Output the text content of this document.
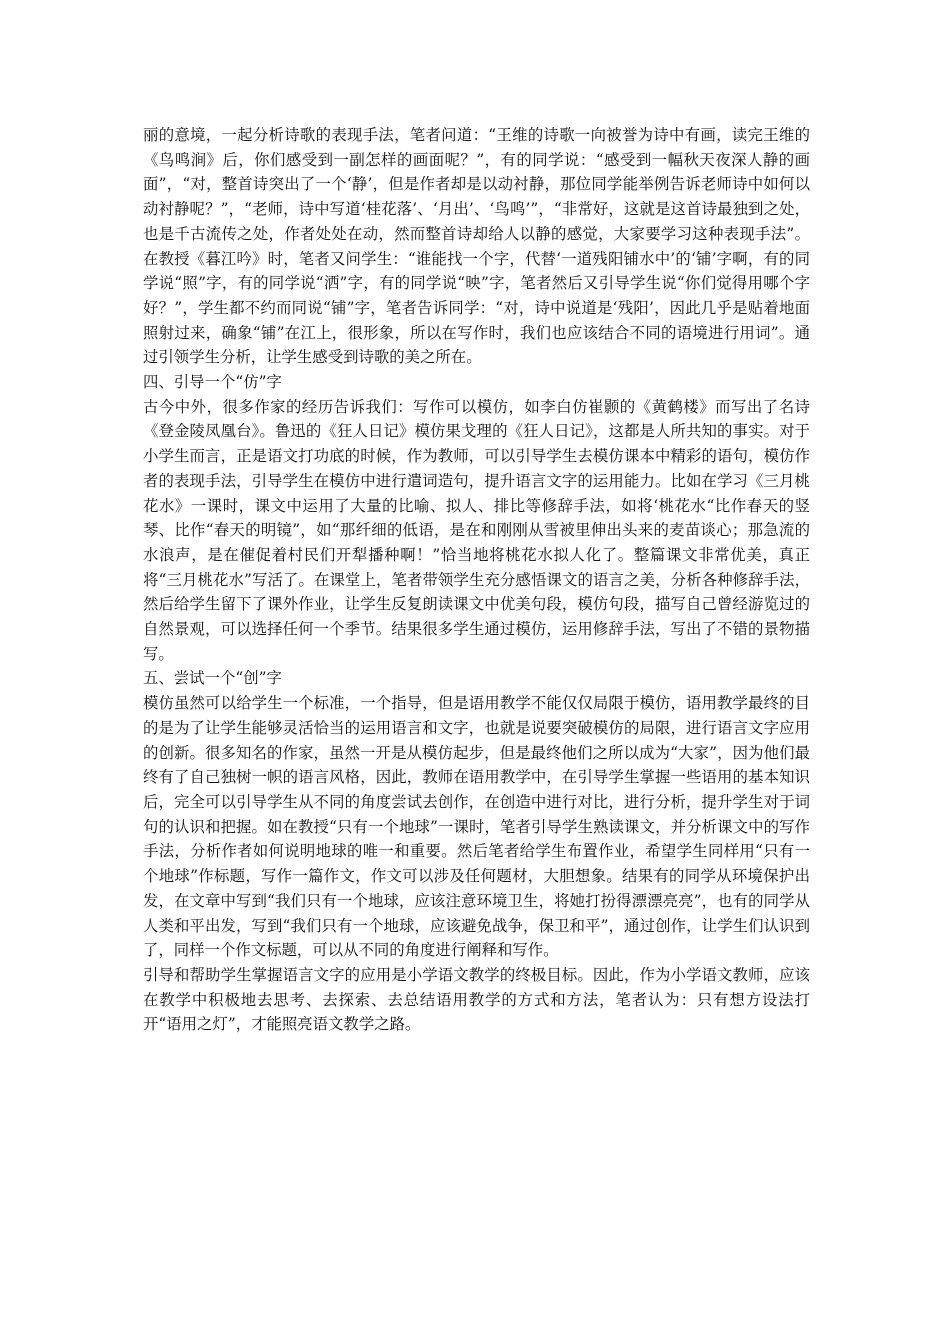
丽的意境，一起分析诗歌的表现手法，笔者问道：“王维的诗歌一向被誉为诗中有画，读完王维的《鸟鸣涧》后，你们感受到一副怎样的画面呢？”，有的同学说：“感受到一幅秋天夜深人静的画面”，“对，整首诗突出了一个‘静’，但是作者却是以动衬静，那位同学能举例告诉老师诗中如何以动衬静呢？”，“老师，诗中写道‘桂花落’、‘月出’、‘鸟鸣’”，“非常好，这就是这首诗最独到之处，也是千古流传之处，作者处处在动，然而整首诗却给人以静的感觉，大家要学习这种表现手法”。在教授《暮江吟》时，笔者又问学生：“谁能找一个字，代替‘一道残阳铺水中’的‘铺’字啊，有的同学说“照”字，有的同学说“洒”字，有的同学说“映”字，笔者然后又引导学生说“你们觉得用哪个字好？”，学生都不约而同说“铺”字，笔者告诉同学：“对，诗中说道是‘残阳’，因此几乎是贴着地面照射过来，确象“铺”在江上，很形象，所以在写作时，我们也应该结合不同的语境进行用词”。通过引领学生分析，让学生感受到诗歌的美之所在。

四、引导一个“仿”字

古今中外，很多作家的经历告诉我们：写作可以模仿，如李白仿崔颢的《黄鹤楼》而写出了名诗《登金陵凤凰台》。鲁迅的《狂人日记》模仿果戈理的《狂人日记》，这都是人所共知的事实。对于小学生而言，正是语文打功底的时候，作为教师，可以引导学生去模仿课本中精彩的语句，模仿作者的表现手法，引导学生在模仿中进行遣词造句，提升语言文字的运用能力。比如在学习《三月桃花水》一课时，课文中运用了大量的比喻、拟人、排比等修辞手法，如将‘桃花水“比作春天的竖琴、比作“春天的明镜”，如“那纤细的低语，是在和刚刚从雪被里伸出头来的麦苗谈心；那急流的水浪声，是在催促着村民们开犁播种啊！”恰当地将桃花水拟人化了。整篇课文非常优美，真正将“三月桃花水”写活了。在课堂上，笔者带领学生充分感悟课文的语言之美，分析各种修辞手法，然后给学生留下了课外作业，让学生反复朗读课文中优美句段，模仿句段，描写自己曾经游览过的自然景观，可以选择任何一个季节。结果很多学生通过模仿，运用修辞手法，写出了不错的景物描写。

五、尝试一个“创”字

模仿虽然可以给学生一个标准，一个指导，但是语用教学不能仅仅局限于模仿，语用教学最终的目的是为了让学生能够灵活恰当的运用语言和文字，也就是说要突破模仿的局限，进行语言文字应用的创新。很多知名的作家，虽然一开是从模仿起步，但是最终他们之所以成为“大家”，因为他们最终有了自己独树一帜的语言风格，因此，教师在语用教学中，在引导学生掌握一些语用的基本知识后，完全可以引导学生从不同的角度尝试去创作，在创造中进行对比，进行分析，提升学生对于词句的认识和把握。如在教授“只有一个地球”一课时，笔者引导学生熟读课文，并分析课文中的写作手法，分析作者如何说明地球的唯一和重要。然后笔者给学生布置作业，希望学生同样用“只有一个地球”作标题，写作一篇作文，作文可以涉及任何题材，大胆想象。结果有的同学从环境保护出发，在文章中写到“我们只有一个地球，应该注意环境卫生，将她打扮得漂漂亮亮”，也有的同学从人类和平出发，写到“我们只有一个地球，应该避免战争，保卫和平”，通过创作，让学生们认识到了，同样一个作文标题，可以从不同的角度进行阐释和写作。

引导和帮助学生掌握语言文字的应用是小学语文教学的终极目标。因此，作为小学语文教师，应该在教学中积极地去思考、去探索、去总结语用教学的方式和方法，笔者认为：只有想方设法打开“语用之灯”，才能照亮语文教学之路。
